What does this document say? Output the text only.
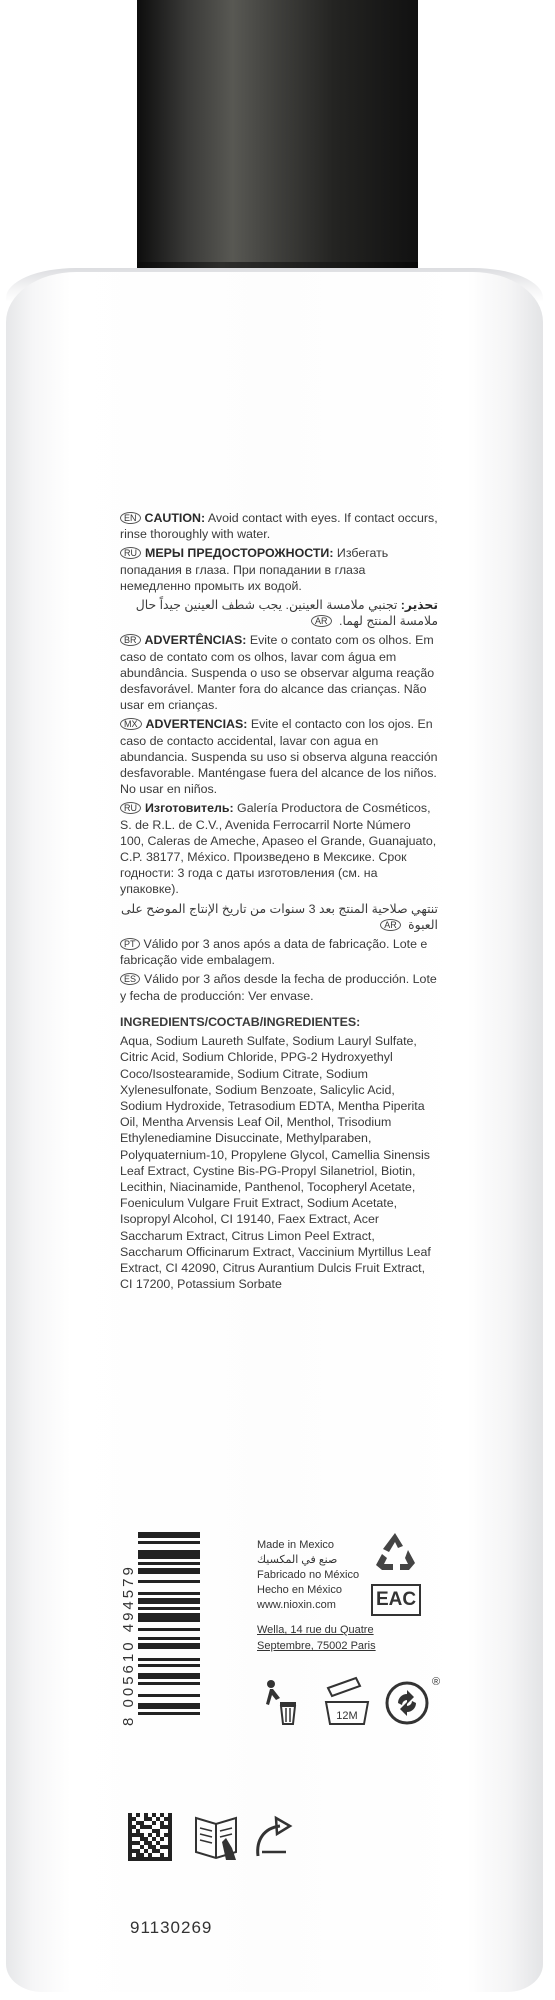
EN CAUTION: Avoid contact with eyes. If contact occurs, rinse thoroughly with water.

RU МЕРЫ ПРЕДОСТОРОЖНОСТИ: Избегать попадания в глаза. При попадании в глаза немедленно промыть их водой.

تحذير: تجنبي ملامسة العينين. يجب شطف العينين جيداً حال ملامسة المنتج لهما. AR

BR ADVERTÊNCIAS: Evite o contato com os olhos. Em caso de contato com os olhos, lavar com água em abundância. Suspenda o uso se observar alguma reação desfavorável. Manter fora do alcance das crianças. Não usar em crianças.

MX ADVERTENCIAS: Evite el contacto con los ojos. En caso de contacto accidental, lavar con agua en abundancia. Suspenda su uso si observa alguna reacción desfavorable. Manténgase fuera del alcance de los niños. No usar en niños.

RU Изготовитель: Galería Productora de Cosméticos, S. de R.L. de C.V., Avenida Ferrocarril Norte Número 100, Caleras de Ameche, Apaseo el Grande, Guanajuato, C.P. 38177, México. Произведено в Мексике. Срок годности: 3 года с даты изготовления (см. на упаковке).

تنتهي صلاحية المنتج بعد 3 سنوات من تاريخ الإنتاج الموضح على العبوة AR

PT Válido por 3 anos após a data de fabricação. Lote e fabricação vide embalagem.

ES Válido por 3 años desde la fecha de producción. Lote y fecha de producción: Ver envase.

INGREDIENTS/СОСТАВ/INGREDIENTES:

Aqua, Sodium Laureth Sulfate, Sodium Lauryl Sulfate, Citric Acid, Sodium Chloride, PPG-2 Hydroxyethyl Coco/Isostearamide, Sodium Citrate, Sodium Xylenesulfonate, Sodium Benzoate, Salicylic Acid, Sodium Hydroxide, Tetrasodium EDTA, Mentha Piperita Oil, Mentha Arvensis Leaf Oil, Menthol, Trisodium Ethylenediamine Disuccinate, Methylparaben, Polyquaternium-10, Propylene Glycol, Camellia Sinensis Leaf Extract, Cystine Bis-PG-Propyl Silanetriol, Biotin, Lecithin, Niacinamide, Panthenol, Tocopheryl Acetate, Foeniculum Vulgare Fruit Extract, Sodium Acetate, Isopropyl Alcohol, CI 19140, Faex Extract, Acer Saccharum Extract, Citrus Limon Peel Extract, Saccharum Officinarum Extract, Vaccinium Myrtillus Leaf Extract, CI 42090, Citrus Aurantium Dulcis Fruit Extract, CI 17200, Potassium Sorbate

8 005610 494579
Made in Mexico
صنع في المكسيك
Fabricado no México
Hecho en México
www.nioxin.com	EAC
Wella, 14 rue du Quatre
Septembre, 75002 Paris
12M
®
91130269
